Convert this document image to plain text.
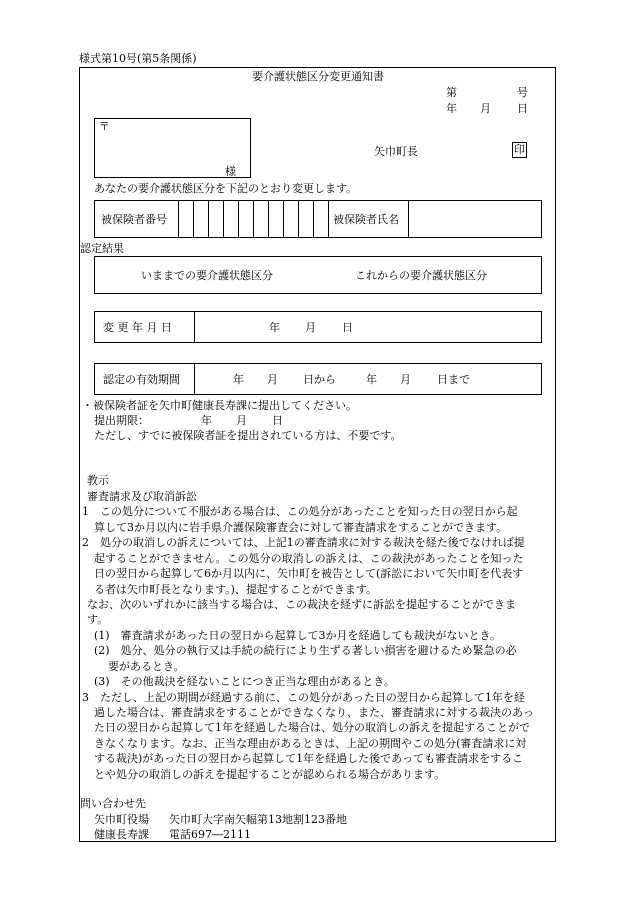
様式第10号(第5条関係)
要介護状態区分変更通知書
第	号
年 月 日
〒
様
矢巾町長	印
あなたの要介護状態区分を下記のとおり変更します。
被保険者番号	被保険者氏名
認定結果
いままでの要介護状態区分	これからの要介護状態区分
変 更 年 月 日	年 月 日
認定の有効期間	年 月 日から	年 月 日まで
・被保険者証を矢巾町健康長寿課に提出してください。
提出期限：	年 月 日
ただし、すでに被保険者証を提出されている方は、不要です。
教示
審査請求及び取消訴訟
1　この処分について不服がある場合は、この処分があったことを知った日の翌日から起
算して3か月以内に岩手県介護保険審査会に対して審査請求をすることができます。
2　処分の取消しの訴えについては、上記1の審査請求に対する裁決を経た後でなければ提
起することができません。この処分の取消しの訴えは、この裁決があったことを知った
日の翌日から起算して6か月以内に、矢巾町を被告として(訴訟において矢巾町を代表す
る者は矢巾町長となります。)、提起することができます。
なお、次のいずれかに該当する場合は、この裁決を経ずに訴訟を提起することができま
す。
(1)　審査請求があった日の翌日から起算して3か月を経過しても裁決がないとき。
(2)　処分、処分の執行又は手続の続行により生ずる著しい損害を避けるため緊急の必
要があるとき。
(3)　その他裁決を経ないことにつき正当な理由があるとき。
3　ただし、上記の期間が経過する前に、この処分があった日の翌日から起算して1年を経
過した場合は、審査請求をすることができなくなり、また、審査請求に対する裁決のあっ
た日の翌日から起算して1年を経過した場合は、処分の取消しの訴えを提起することがで
きなくなります。なお、正当な理由があるときは、上記の期間やこの処分(審査請求に対
する裁決)があった日の翌日から起算して1年を経過した後であっても審査請求をするこ
とや処分の取消しの訴えを提起することが認められる場合があります。
問い合わせ先
矢巾町役場 矢巾町大字南矢幅第13地割123番地
健康長寿課 電話697―2111
